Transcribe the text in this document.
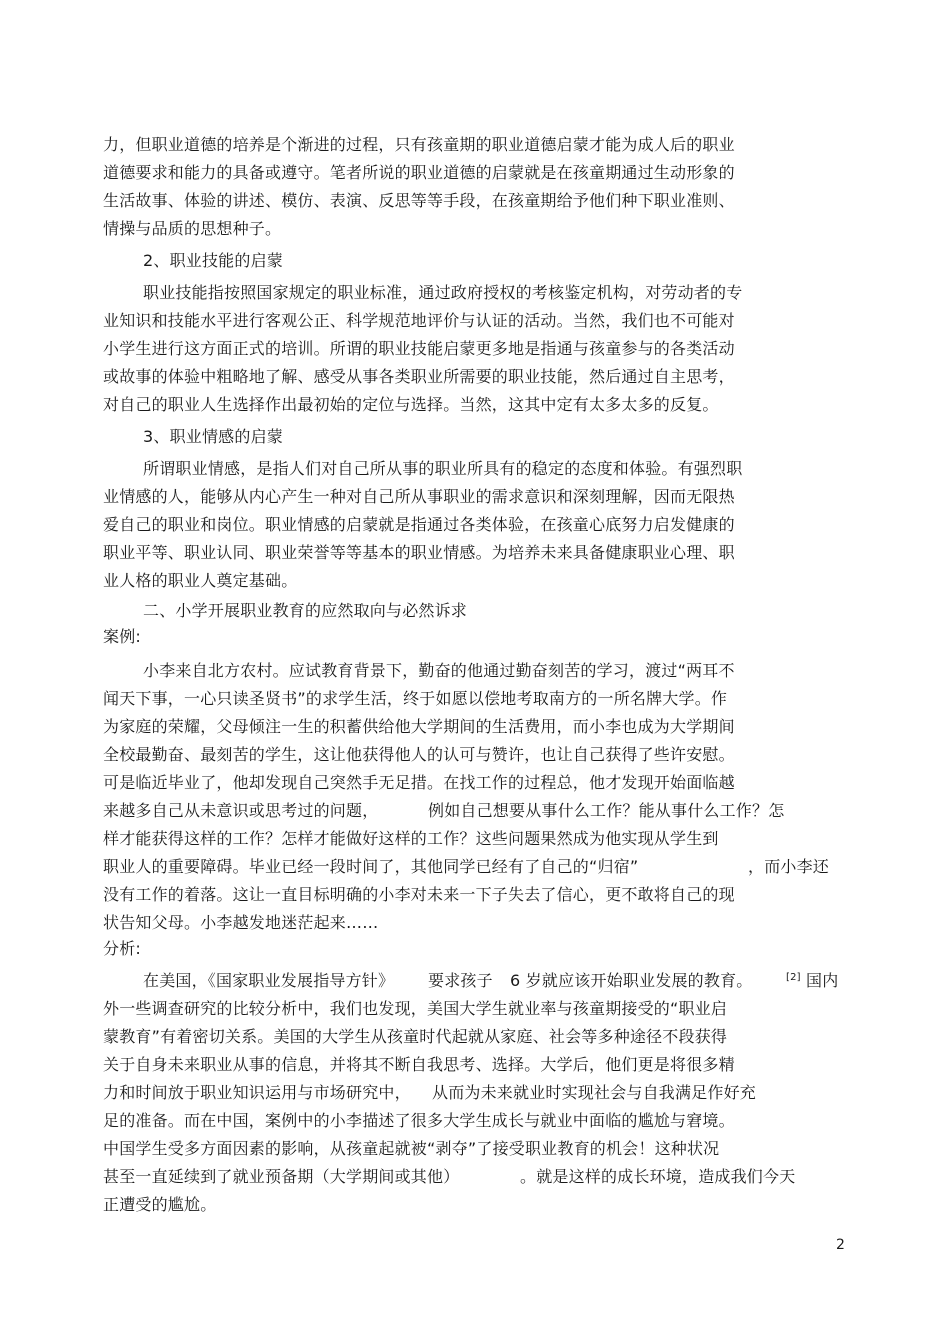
力，但职业道德的培养是个渐进的过程，只有孩童期的职业道德启蒙才能为成人后的职业
道德要求和能力的具备或遵守。笔者所说的职业道德的启蒙就是在孩童期通过生动形象的
生活故事、体验的讲述、模仿、表演、反思等等手段，在孩童期给予他们种下职业准则、
情操与品质的思想种子。
2、职业技能的启蒙
职业技能指按照国家规定的职业标准，通过政府授权的考核鉴定机构，对劳动者的专
业知识和技能水平进行客观公正、科学规范地评价与认证的活动。当然，我们也不可能对
小学生进行这方面正式的培训。所谓的职业技能启蒙更多地是指通与孩童参与的各类活动
或故事的体验中粗略地了解、感受从事各类职业所需要的职业技能，然后通过自主思考，
对自己的职业人生选择作出最初始的定位与选择。当然，这其中定有太多太多的反复。
3、职业情感的启蒙
所谓职业情感，是指人们对自己所从事的职业所具有的稳定的态度和体验。有强烈职
业情感的人，能够从内心产生一种对自己所从事职业的需求意识和深刻理解，因而无限热
爱自己的职业和岗位。职业情感的启蒙就是指通过各类体验，在孩童心底努力启发健康的
职业平等、职业认同、职业荣誉等等基本的职业情感。为培养未来具备健康职业心理、职
业人格的职业人奠定基础。
二、小学开展职业教育的应然取向与必然诉求
案例:
小李来自北方农村。应试教育背景下，勤奋的他通过勤奋刻苦的学习，渡过“两耳不
闻天下事，一心只读圣贤书”的求学生活，终于如愿以偿地考取南方的一所名牌大学。作
为家庭的荣耀，父母倾注一生的积蓄供给他大学期间的生活费用，而小李也成为大学期间
全校最勤奋、最刻苦的学生，这让他获得他人的认可与赞许，也让自己获得了些许安慰。
可是临近毕业了，他却发现自己突然手无足措。在找工作的过程总，他才发现开始面临越
来越多自己从未意识或思考过的问题，	例如自己想要从事什么工作？能从事什么工作？怎
样才能获得这样的工作？怎样才能做好这样的工作？这些问题果然成为他实现从学生到
职业人的重要障碍。毕业已经一段时间了，其他同学已经有了自己的“归宿”	，而小李还
没有工作的着落。这让一直目标明确的小李对未来一下子失去了信心，更不敢将自己的现
状告知父母。小李越发地迷茫起来……
分析:
在美国，《国家职业发展指导方针》 要求孩子 6 岁就应该开始职业发展的教育。	[2] 国内
外一些调查研究的比较分析中，我们也发现，美国大学生就业率与孩童期接受的“职业启
蒙教育”有着密切关系。美国的大学生从孩童时代起就从家庭、社会等多种途径不段获得
关于自身未来职业从事的信息，并将其不断自我思考、选择。大学后，他们更是将很多精
力和时间放于职业知识运用与市场研究中， 从而为未来就业时实现社会与自我满足作好充
足的准备。而在中国，案例中的小李描述了很多大学生成长与就业中面临的尴尬与窘境。
中国学生受多方面因素的影响，从孩童起就被“剥夺”了接受职业教育的机会！这种状况
甚至一直延续到了就业预备期（大学期间或其他）	。就是这样的成长环境，造成我们今天
正遭受的尴尬。
2
